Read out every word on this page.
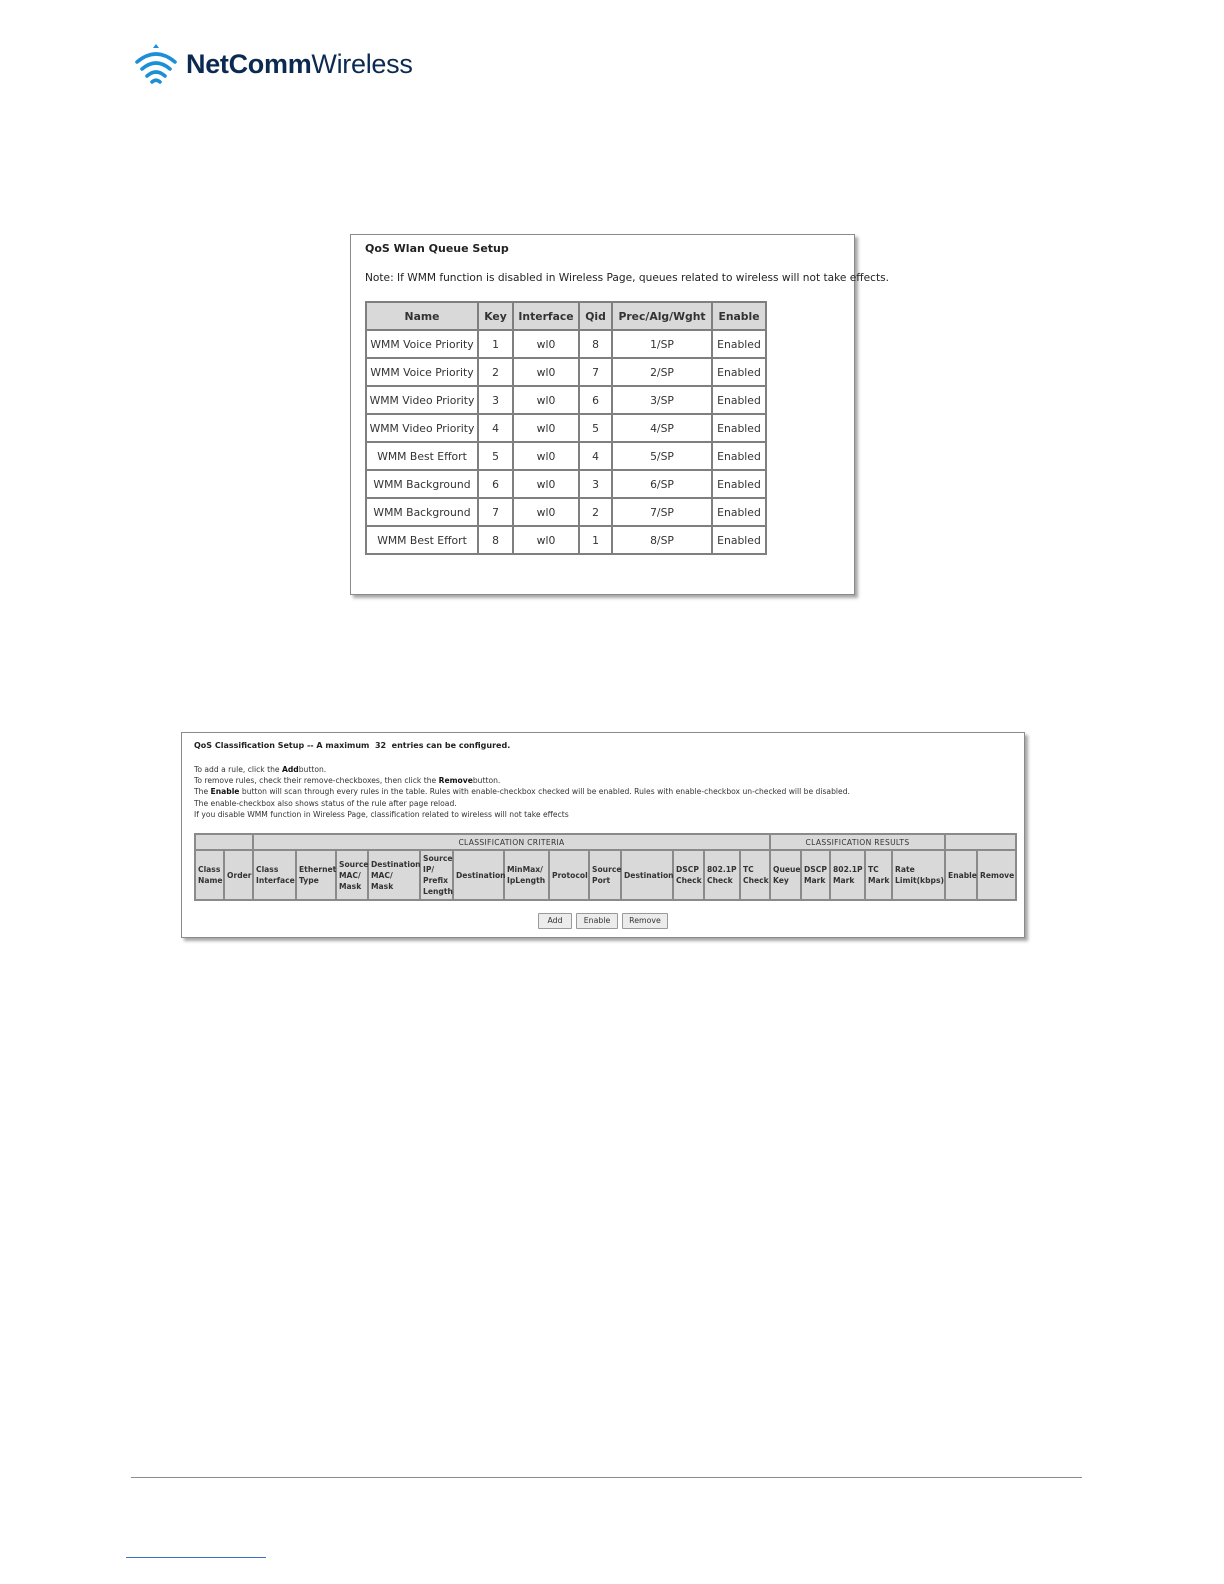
NetCommWireless
QoS Wlan Queue Setup
Note: If WMM function is disabled in Wireless Page, queues related to wireless will not take effects.
Name	Key	Interface	Qid	Prec/Alg/Wght	Enable
WMM Voice Priority	1	wl0	8	1/SP	Enabled
WMM Voice Priority	2	wl0	7	2/SP	Enabled
WMM Video Priority	3	wl0	6	3/SP	Enabled
WMM Video Priority	4	wl0	5	4/SP	Enabled
WMM Best Effort	5	wl0	4	5/SP	Enabled
WMM Background	6	wl0	3	6/SP	Enabled
WMM Background	7	wl0	2	7/SP	Enabled
WMM Best Effort	8	wl0	1	8/SP	Enabled
QoS Classification Setup -- A maximum 32 entries can be configured.
To add a rule, click the Addbutton.
To remove rules, check their remove-checkboxes, then click the Removebutton.
The Enable button will scan through every rules in the table. Rules with enable-checkbox checked will be enabled. Rules with enable-checkbox un-checked will be disabled.
The enable-checkbox also shows status of the rule after page reload.
If you disable WMM function in Wireless Page, classification related to wireless will not take effects
		CLASSIFICATION CRITERIA													CLASSIFICATION RESULTS						
Class Name	Order	Class Interface	Ethernet Type	Source MAC/ Mask	Destination MAC/ Mask	Source IP/ Prefix Length	Destination	MinMax/ IpLength	Protocol	Source Port	Destination	DSCP Check	802.1P Check	TC Check	Queue Key	DSCP Mark	802.1P Mark	TC Mark	Rate Limit(kbps)	Enable	Remove
Add	Enable	Remove
